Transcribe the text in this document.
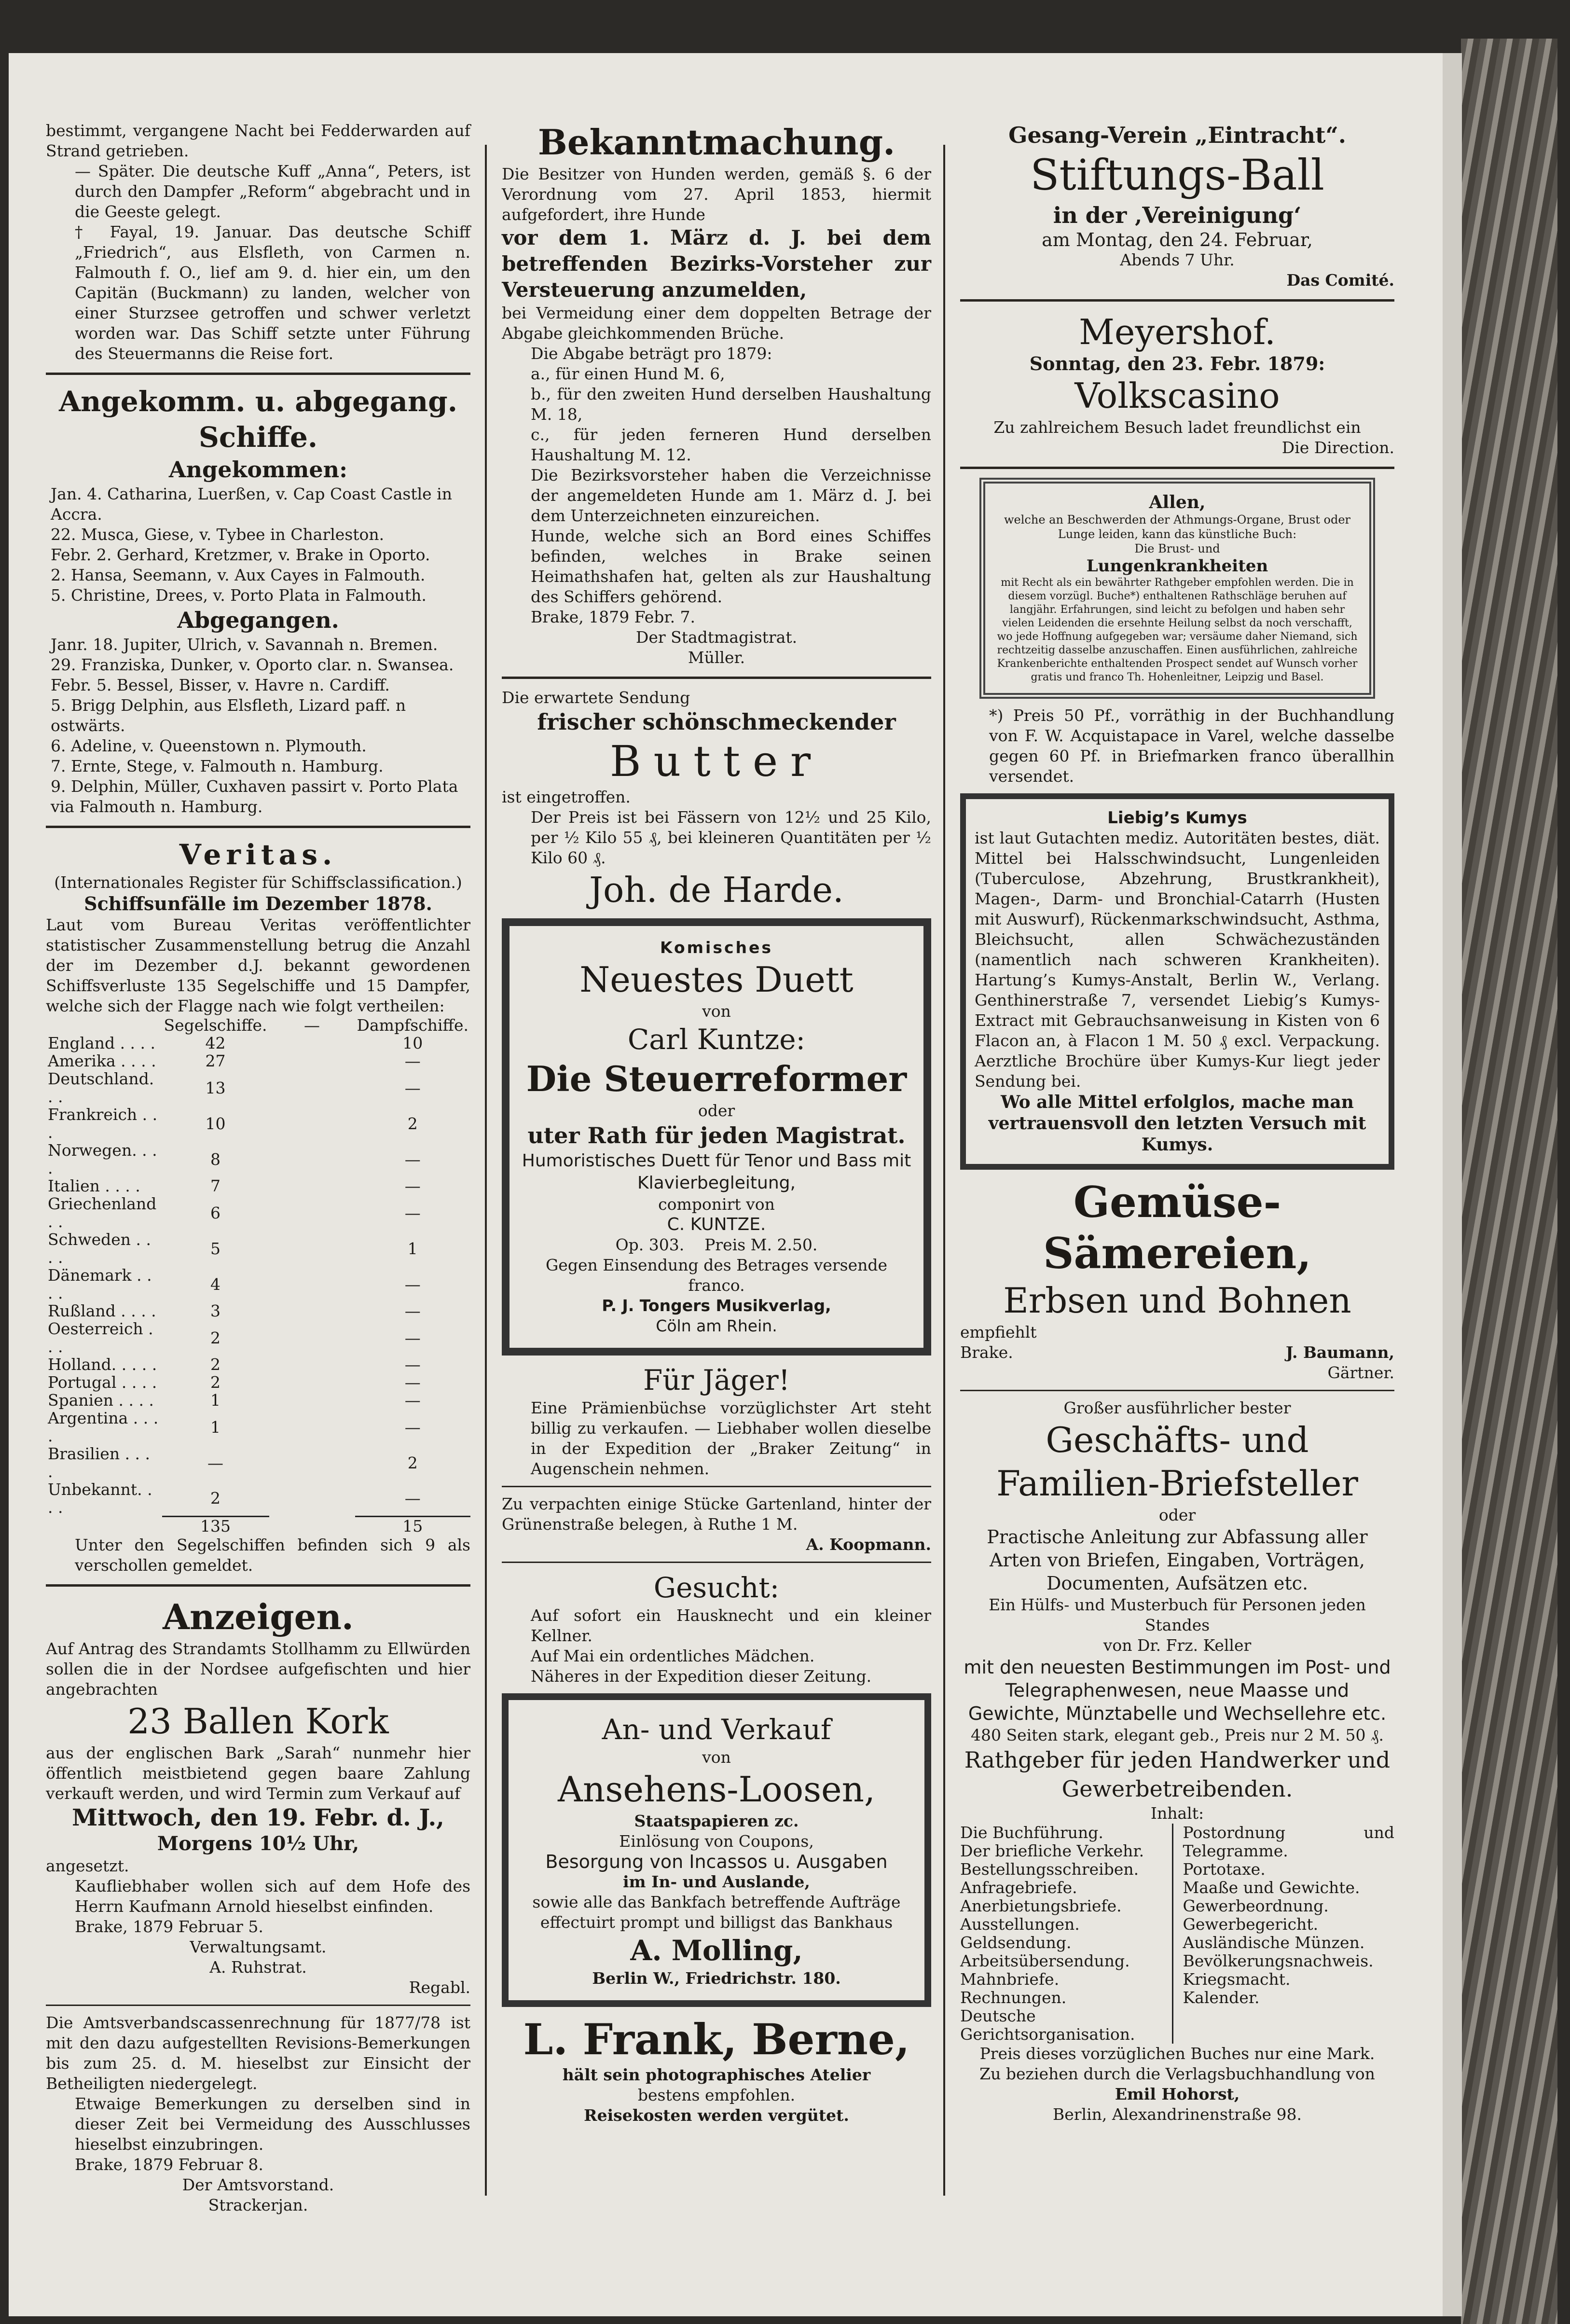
bestimmt, vergangene Nacht bei Fedderwarden auf Strand getrieben.

— Später. Die deutsche Kuff „Anna“, Peters, ist durch den Dampfer „Reform“ abgebracht und in die Geeste gelegt.

† Fayal, 19. Januar. Das deutsche Schiff „Friedrich“, aus Elsfleth, von Carmen n. Falmouth f. O., lief am 9. d. hier ein, um den Capitän (Buckmann) zu landen, welcher von einer Sturzsee getroffen und schwer verletzt worden war. Das Schiff setzte unter Führung des Steuermanns die Reise fort.

Angekomm. u. abgegang. Schiffe.

Angekommen:

Jan. 4. Catharina, Luerßen, v. Cap Coast Castle in Accra.

22. Musca, Giese, v. Tybee in Charleston.

Febr. 2. Gerhard, Kretzmer, v. Brake in Oporto.

2. Hansa, Seemann, v. Aux Cayes in Falmouth.

5. Christine, Drees, v. Porto Plata in Falmouth.

Abgegangen.

Janr. 18. Jupiter, Ulrich, v. Savannah n. Bremen.

29. Franziska, Dunker, v. Oporto clar. n. Swansea.

Febr. 5. Bessel, Bisser, v. Havre n. Cardiff.

5. Brigg Delphin, aus Elsfleth, Lizard paff. n ostwärts.

6. Adeline, v. Queenstown n. Plymouth.

7. Ernte, Stege, v. Falmouth n. Hamburg.

9. Delphin, Müller, Cuxhaven passirt v. Porto Plata via Falmouth n. Hamburg.

Veritas.

(Internationales Register für Schiffsclassification.)

Schiffsunfälle im Dezember 1878.

Laut vom Bureau Veritas veröffentlichter statistischer Zusammenstellung betrug die Anzahl der im Dezember d.J. bekannt gewordenen Schiffsverluste 135 Segelschiffe und 15 Dampfer, welche sich der Flagge nach wie folgt vertheilen:

	Segelschiffe.	—	Dampfschiffe.
England . . . .	42		10
Amerika . . . .	27		—
Deutschland. . .	13		—
Frankreich . . .	10		2
Norwegen. . . .	8		—
Italien . . . .	7		—
Griechenland . .	6		—
Schweden . . . .	5		1
Dänemark . . . .	4		—
Rußland . . . .	3		—
Oesterreich . . .	2		—
Holland. . . . .	2		—
Portugal . . . .	2		—
Spanien . . . .	1		—
Argentina . . . .	1		—
Brasilien . . . .	—		2
Unbekannt. . . .	2		—
	135		15

Unter den Segelschiffen befinden sich 9 als verschollen gemeldet.

Anzeigen.

Auf Antrag des Strandamts Stollhamm zu Ellwürden sollen die in der Nordsee aufgefischten und hier angebrachten

23 Ballen Kork

aus der englischen Bark „Sarah“ nunmehr hier öffentlich meistbietend gegen baare Zahlung verkauft werden, und wird Termin zum Verkauf auf

Mittwoch, den 19. Febr. d. J.,

Morgens 10½ Uhr,

angesetzt.

Kaufliebhaber wollen sich auf dem Hofe des Herrn Kaufmann Arnold hieselbst einfinden.

Brake, 1879 Februar 5.

Verwaltungsamt.

A. Ruhstrat.

Regabl.

Die Amtsverbandscassenrechnung für 1877/78 ist mit den dazu aufgestellten Revisions-Bemerkungen bis zum 25. d. M. hieselbst zur Einsicht der Betheiligten niedergelegt.

Etwaige Bemerkungen zu derselben sind in dieser Zeit bei Vermeidung des Ausschlusses hieselbst einzubringen.

Brake, 1879 Februar 8.

Der Amtsvorstand.

Strackerjan.

Bekanntmachung.

Die Besitzer von Hunden werden, gemäß §. 6 der Verordnung vom 27. April 1853, hiermit aufgefordert, ihre Hunde

vor dem 1. März d. J. bei dem betreffenden Bezirks-Vorsteher zur Versteuerung anzumelden,

bei Vermeidung einer dem doppelten Betrage der Abgabe gleichkommenden Brüche.

Die Abgabe beträgt pro 1879:

a., für einen Hund M. 6,

b., für den zweiten Hund derselben Haushaltung M. 18,

c., für jeden ferneren Hund derselben Haushaltung M. 12.

Die Bezirksvorsteher haben die Verzeichnisse der angemeldeten Hunde am 1. März d. J. bei dem Unterzeichneten einzureichen.

Hunde, welche sich an Bord eines Schiffes befinden, welches in Brake seinen Heimathshafen hat, gelten als zur Haushaltung des Schiffers gehörend.

Brake, 1879 Febr. 7.

Der Stadtmagistrat.

Müller.

Die erwartete Sendung

frischer schönschmeckender

Butter

ist eingetroffen.

Der Preis ist bei Fässern von 12½ und 25 Kilo, per ½ Kilo 55 ₰, bei kleineren Quantitäten per ½ Kilo 60 ₰.

Joh. de Harde.

Komisches

Neuestes Duett

von

Carl Kuntze:

Die Steuerreformer

oder

uter Rath für jeden Magistrat.

Humoristisches Duett für Tenor und Bass mit Klavierbegleitung,

componirt von

C. KUNTZE.

Op. 303. Preis M. 2.50.

Gegen Einsendung des Betrages versende franco.

P. J. Tongers Musikverlag,

Cöln am Rhein.

Für Jäger!

Eine Prämienbüchse vorzüglichster Art steht billig zu verkaufen. — Liebhaber wollen dieselbe in der Expedition der „Braker Zeitung“ in Augenschein nehmen.

Zu verpachten einige Stücke Gartenland, hinter der Grünenstraße belegen, à Ruthe 1 M.

A. Koopmann.

Gesucht:

Auf sofort ein Hausknecht und ein kleiner Kellner.

Auf Mai ein ordentliches Mädchen.

Näheres in der Expedition dieser Zeitung.

An- und Verkauf

von

Ansehens-Loosen,

Staatspapieren zc.

Einlösung von Coupons,

Besorgung von Incassos u. Ausgaben

im In- und Auslande,

sowie alle das Bankfach betreffende Aufträge effectuirt prompt und billigst das Bankhaus

A. Molling,

Berlin W., Friedrichstr. 180.

L. Frank, Berne,

hält sein photographisches Atelier

bestens empfohlen.

Reisekosten werden vergütet.

Gesang-Verein „Eintracht“.

Stiftungs-Ball

in der ‚Vereinigung‘

am Montag, den 24. Februar,

Abends 7 Uhr.

Das Comité.

Meyershof.

Sonntag, den 23. Febr. 1879:

Volkscasino

Zu zahlreichem Besuch ladet freundlichst ein

Die Direction.

Allen,

welche an Beschwerden der Athmungs-Organe, Brust oder Lunge leiden, kann das künstliche Buch:

Die Brust- und

Lungenkrankheiten

mit Recht als ein bewährter Rathgeber empfohlen werden. Die in diesem vorzügl. Buche*) enthaltenen Rathschläge beruhen auf langjähr. Erfahrungen, sind leicht zu befolgen und haben sehr vielen Leidenden die ersehnte Heilung selbst da noch verschafft, wo jede Hoffnung aufgegeben war; versäume daher Niemand, sich rechtzeitig dasselbe anzuschaffen. Einen ausführlichen, zahlreiche Krankenberichte enthaltenden Prospect sendet auf Wunsch vorher gratis und franco Th. Hohenleitner, Leipzig und Basel.

*) Preis 50 Pf., vorräthig in der Buchhandlung von F. W. Acquistapace in Varel, welche dasselbe gegen 60 Pf. in Briefmarken franco überallhin versendet.

Liebig’s Kumys

ist laut Gutachten mediz. Autoritäten bestes, diät. Mittel bei Halsschwindsucht, Lungenleiden (Tuberculose, Abzehrung, Brustkrankheit), Magen-, Darm- und Bronchial-Catarrh (Husten mit Auswurf), Rückenmarkschwindsucht, Asthma, Bleichsucht, allen Schwächezuständen (namentlich nach schweren Krankheiten). Hartung’s Kumys-Anstalt, Berlin W., Verlang. Genthinerstraße 7, versendet Liebig’s Kumys-Extract mit Gebrauchsanweisung in Kisten von 6 Flacon an, à Flacon 1 M. 50 ₰ excl. Verpackung. Aerztliche Brochüre über Kumys-Kur liegt jeder Sendung bei.

Wo alle Mittel erfolglos, mache man vertrauensvoll den letzten Versuch mit Kumys.

Gemüse-Sämereien,

Erbsen und Bohnen

empfiehlt

Brake.	J. Baumann,

Gärtner.

Großer ausführlicher bester

Geschäfts- und Familien-Briefsteller

oder

Practische Anleitung zur Abfassung aller Arten von Briefen, Eingaben, Vorträgen, Documenten, Aufsätzen etc.

Ein Hülfs- und Musterbuch für Personen jeden Standes

von Dr. Frz. Keller

mit den neuesten Bestimmungen im Post- und Telegraphenwesen, neue Maasse und Gewichte, Münztabelle und Wechsellehre etc.

480 Seiten stark, elegant geb., Preis nur 2 M. 50 ₰.

Rathgeber für jeden Handwerker und Gewerbetreibenden.

Inhalt:

Die Buchführung.

Der briefliche Verkehr.

Bestellungsschreiben.

Anfragebriefe.

Anerbietungsbriefe.

Ausstellungen.

Geldsendung.

Arbeitsübersendung.

Mahnbriefe.

Rechnungen.

Deutsche Gerichtsorganisation.

Postordnung und Telegramme.

Portotaxe.

Maaße und Gewichte.

Gewerbeordnung.

Gewerbegericht.

Ausländische Münzen.

Bevölkerungsnachweis.

Kriegsmacht.

Kalender.

Preis dieses vorzüglichen Buches nur eine Mark.

Zu beziehen durch die Verlagsbuchhandlung von

Emil Hohorst,

Berlin, Alexandrinenstraße 98.
